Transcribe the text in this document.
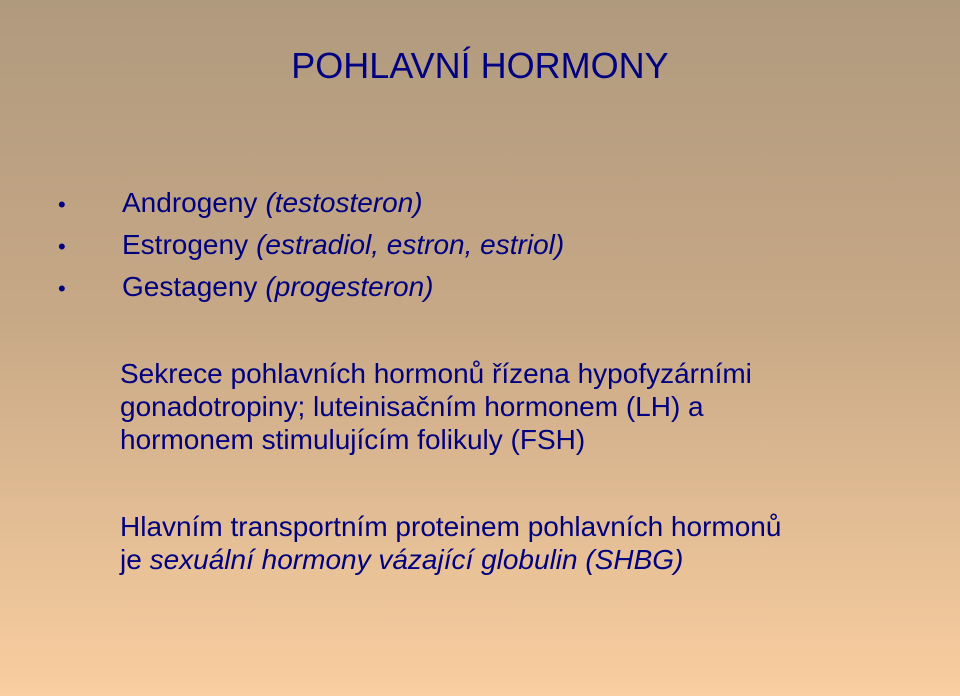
POHLAVNÍ HORMONY
•	Androgeny (testosteron)
•	Estrogeny (estradiol, estron, estriol)
•	Gestageny (progesteron)
Sekrece pohlavních hormonů řízena hypofyzárními
gonadotropiny; luteinisačním hormonem (LH) a
hormonem stimulujícím folikuly (FSH)
Hlavním transportním proteinem pohlavních hormonů
je sexuální hormony vázající globulin (SHBG)
